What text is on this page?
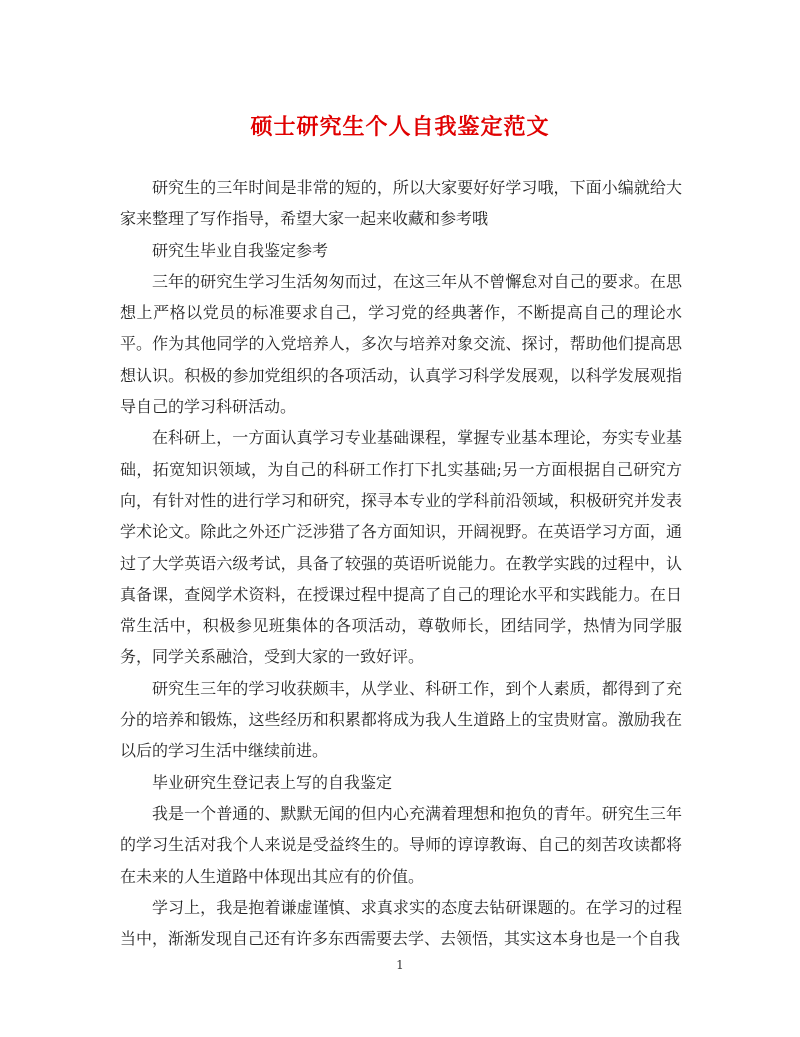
硕士研究生个人自我鉴定范文

研究生的三年时间是非常的短的，所以大家要好好学习哦，下面小编就给大家来整理了写作指导，希望大家一起来收藏和参考哦

研究生毕业自我鉴定参考

三年的研究生学习生活匆匆而过，在这三年从不曾懈怠对自己的要求。在思想上严格以党员的标准要求自己，学习党的经典著作，不断提高自己的理论水平。作为其他同学的入党培养人，多次与培养对象交流、探讨，帮助他们提高思想认识。积极的参加党组织的各项活动，认真学习科学发展观，以科学发展观指导自己的学习科研活动。

在科研上，一方面认真学习专业基础课程，掌握专业基本理论，夯实专业基础，拓宽知识领域，为自己的科研工作打下扎实基础;另一方面根据自己研究方向，有针对性的进行学习和研究，探寻本专业的学科前沿领域，积极研究并发表学术论文。除此之外还广泛涉猎了各方面知识，开阔视野。在英语学习方面，通过了大学英语六级考试，具备了较强的英语听说能力。在教学实践的过程中，认真备课，查阅学术资料，在授课过程中提高了自己的理论水平和实践能力。在日常生活中，积极参见班集体的各项活动，尊敬师长，团结同学，热情为同学服务，同学关系融洽，受到大家的一致好评。

研究生三年的学习收获颇丰，从学业、科研工作，到个人素质，都得到了充分的培养和锻炼，这些经历和积累都将成为我人生道路上的宝贵财富。激励我在以后的学习生活中继续前进。

毕业研究生登记表上写的自我鉴定

我是一个普通的、默默无闻的但内心充满着理想和抱负的青年。研究生三年的学习生活对我个人来说是受益终生的。导师的谆谆教诲、自己的刻苦攻读都将在未来的人生道路中体现出其应有的价值。

学习上，我是抱着谦虚谨慎、求真求实的态度去钻研课题的。在学习的过程当中，渐渐发现自己还有许多东西需要去学、去领悟，其实这本身也是一个自我

1
